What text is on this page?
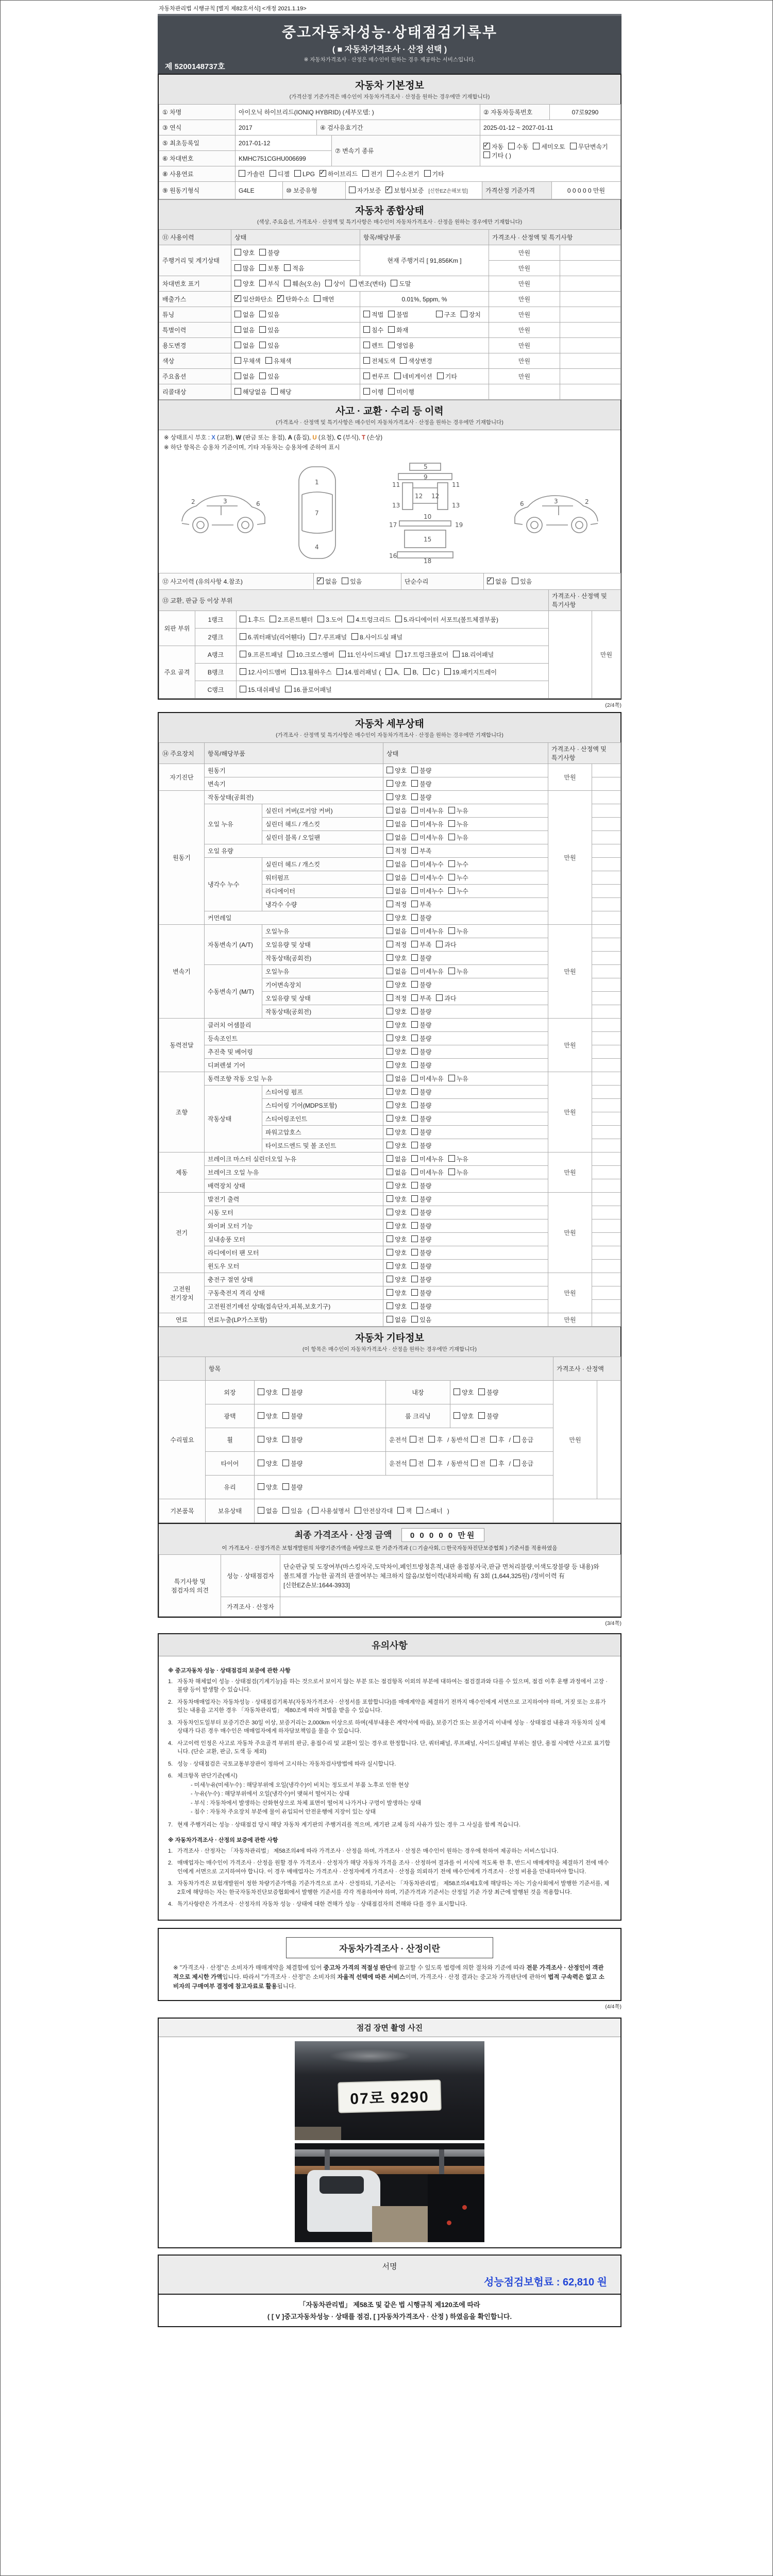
자동차관리법 시행규칙 [별지 제82호서식] <개정 2021.1.19>
중고자동차성능·상태점검기록부
( ■ 자동차가격조사 · 산정 선택 )
※ 자동차가격조사 · 산정은 매수인이 원하는 경우 제공하는 서비스입니다.
제 5200148737호
자동차 기본정보
(가격산정 기준가격은 매수인이 자동차가격조사 · 산정을 원하는 경우에만 기재합니다)
① 차명	아이오닉 하이브리드(IONIQ HYBRID) (세부모델: )	② 자동차등록번호	07로9290
③ 연식	2017	④ 검사유효기간	2025-01-12 ~ 2027-01-11
⑤ 최초등록일	2017-01-12	⑦ 변속기 종류	✓자동 수동 세미오토 무단변속기기타 ( )
⑥ 차대번호	KMHC751CGHU006699		
⑧ 사용연료	가솔린 디젤 LPG ✓ 하이브리드 전기 수소전기 기타
⑨ 원동기형식	G4LE	⑩ 보증유형	자가보증 ✓ 보험사보증 [신한EZ손해보험]	가격산정 기준가격	0 0 0 0 0 만원
자동차 종합상태
(색상, 주요옵션, 가격조사 · 산정액 및 특기사항은 매수인이 자동차가격조사 · 산정을 원하는 경우에만 기재합니다)
⑪ 사용이력	상태	항목/해당부품	가격조사 · 산정액 및 특기사항	
주행거리 및 계기상태	양호 불량	현재 주행거리 [ 91,856Km ]	만원	
	많음 보통 적음		만원	
차대번호 표기	양호 부식 훼손(오손) 상이 변조(변타) 도말		만원	
배출가스	✓일산화탄소 ✓ 탄화수소 매연	0.01%, 5ppm, %	만원	
튜닝	없음 있음	적법 불법 구조 장치	만원	
특별이력	없음 있음	침수 화재	만원	
용도변경	없음 있음	렌트 영업용	만원	
색상	무채색 유채색	전체도색 색상변경	만원	
주요옵션	없음 있음	썬루프 네비게이션 기타	만원	
리콜대상	해당없음 해당	이행 미이행		
사고 · 교환 · 수리 등 이력
(가격조사 · 산정액 및 특기사항은 매수인이 자동차가격조사 · 산정을 원하는 경우에만 기재합니다)
※ 상태표시 부호 : X (교환), W (판금 또는 용접), A (흠집), U (요철), C (부식), T (손상)
※ 하단 항목은 승용차 기준이며, 기타 자동차는 승용차에 준하여 표시
2	3	6
1
7
4
5
9
11	11
13	13
12 12
10
17	19
15
16
18
2
3
6
⑫ 사고이력 (유의사항 4.참조)	✓없음 있음	단순수리	✓없음 있음
⑬ 교환, 판금 등 이상 부위			가격조사 · 산정액 및 특기사항	
외판 부위	1랭크	1.후드 2.프론트휀더 3.도어 4.트렁크리드 5.라디에이터 서포트(볼트체결부품)		만원
	2랭크	6.쿼터패널(리어휀다) 7.루프패널 8.사이드실 패널		
주요 골격	A랭크	9.프론트패널 10.크로스멤버 11.인사이드패널 17.트렁크플로어 18.리어패널		
	B랭크	12.사이드멤버 13.휠하우스 14.필러패널 ( A, B, C ) 19.패키지트레이		
	C랭크	15.대쉬패널 16.플로어패널		
(2/4쪽)
자동차 세부상태
(가격조사 · 산정액 및 특기사항은 매수인이 자동차가격조사 · 산정을 원하는 경우에만 기재합니다)
⑭ 주요장치	항목/해당부품	상태	가격조사 · 산정액 및 특기사항
자기진단	원동기		양호 불량	만원	
	변속기		양호 불량		
원동기	작동상태(공회전)		양호 불량	만원	
	오일 누유	실린더 커버(로커암 커버)	없음 미세누유 누유		
		실린더 헤드 / 개스킷	없음 미세누유 누유		
		실린더 블록 / 오일팬	없음 미세누유 누유		
	오일 유량		적정 부족		
	냉각수 누수	실린더 헤드 / 개스킷	없음 미세누수 누수		
		워터펌프	없음 미세누수 누수		
		라디에이터	없음 미세누수 누수		
		냉각수 수량	적정 부족		
	커먼레일		양호 불량		
변속기	자동변속기 (A/T)	오일누유	없음 미세누유 누유	만원	
		오일유량 및 상태	적정 부족 과다		
		작동상태(공회전)	양호 불량		
	수동변속기 (M/T)	오일누유	없음 미세누유 누유		
		기어변속장치	양호 불량		
		오일유량 및 상태	적정 부족 과다		
		작동상태(공회전)	양호 불량		
동력전달	클러치 어셈블리		양호 불량	만원	
	등속조인트		양호 불량		
	추진축 및 베어링		양호 불량		
	디퍼렌셜 기어		양호 불량		
조향	동력조향 작동 오일 누유		없음 미세누유 누유	만원	
	작동상태	스티어링 펌프	양호 불량		
		스티어링 기어(MDPS포함)	양호 불량		
		스티어링조인트	양호 불량		
		파워고압호스	양호 불량		
		타이로드엔드 및 볼 조인트	양호 불량		
제동	브레이크 마스터 실린더오일 누유		없음 미세누유 누유	만원	
	브레이크 오일 누유		없음 미세누유 누유		
	배력장치 상태		양호 불량		
전기	발전기 출력		양호 불량	만원	
	시동 모터		양호 불량		
	와이퍼 모터 기능		양호 불량		
	실내송풍 모터		양호 불량		
	라디에이터 팬 모터		양호 불량		
	윈도우 모터		양호 불량		
고전원 전기장치	충전구 절연 상태		양호 불량	만원	
	구동축전지 격리 상태		양호 불량		
	고전원전기배선 상태(접속단자,피복,보호기구)		양호 불량		
연료	연료누출(LP가스포함)		없음 있음	만원	
자동차 기타정보
(이 항목은 매수인이 자동차가격조사 · 산정을 원하는 경우에만 기재합니다)
	항목				가격조사 · 산정액	
수리필요	외장	양호 불량	내장	양호 불량	만원	
	광택	양호 불량	룸 크리닝	양호 불량		
	휠	양호 불량	운전석 전 후 / 동반석 전 후 / 응급			
	타이어	양호 불량	운전석 전 후 / 동반석 전 후 / 응급			
	유리	양호 불량				
기본품목	보유상태	없음 있음 ( 사용설명서 안전삼각대 잭 스패너 )				
최종 가격조사 · 산정 금액 0 0 0 0 0 만원
이 가격조사 · 산정가격은 보험개발원의 차량기준가액을 바탕으로 한 기준가격과 ( □ 기술사회, □ 한국자동차진단보증협회 ) 기준서를 적용하였음
특기사항 및 점검자의 의견	성능 · 상태점검자	단순판금 및 도장여부(마스킹자국,도막차이,페인트방청흔적,내판 용접봉자국,판금 면처리불량,이색도장불량 등 내용)와 볼트체결 가능한 골격의 판결여부는 체크하지 않음/보험이력(내차피해) 有 3회 (1,644,325원) /정비이력 有 [신한EZ손보:1644-3933]
	가격조사 · 산정자	
(3/4쪽)
유의사항
※ 중고자동차 성능 · 상태점검의 보증에 관한 사항
1. 자동차 해체없이 성능 · 상태점검(기계기능)을 하는 것으로서 보이지 않는 부분 또는 점검항목 이외의 부분에 대하여는 점검결과와 다를 수 있으며, 점검 이후 운행 과정에서 고장 · 불량 등이 발생할 수 있습니다.
2. 자동차매매업자는 자동차성능 · 상태점검기록부(자동차가격조사 · 산정서를 포함합니다)를 매매계약을 체결하기 전까지 매수인에게 서면으로 고지하여야 하며, 거짓 또는 오류가 있는 내용을 고지한 경우 「자동차관리법」 제80조에 따라 처벌을 받을 수 있습니다.
3. 자동차인도일부터 보증기간은 30일 이상, 보증거리는 2,000km 이상으로 하며(세부내용은 계약서에 따름), 보증기간 또는 보증거리 이내에 성능 · 상태점검 내용과 자동차의 실제 상태가 다른 경우 매수인은 매매업자에게 하자담보책임을 물을 수 있습니다.
4. 사고이력 인정은 사고로 자동차 주요골격 부위의 판금, 용접수리 및 교환이 있는 경우로 한정합니다. 단, 쿼터패널, 루프패널, 사이드실패널 부위는 절단, 용접 시에만 사고로 표기합니다. (단순 교환, 판금, 도색 등 제외)
5. 성능 · 상태점검은 국토교통부장관이 정하여 고시하는 자동차검사방법에 따라 실시합니다.
6. 체크항목 판단기준(예시)
- 미세누유(미세누수) : 해당부위에 오일(냉각수)이 비치는 정도로서 부품 노후로 인한 현상
- 누유(누수) : 해당부위에서 오일(냉각수)이 맺혀서 떨어지는 상태
- 부식 : 자동차에서 발생하는 산화현상으로 차체 표면이 떨어져 나가거나 구멍이 발생하는 상태
- 침수 : 자동차 주요장치 부분에 물이 유입되어 안전운행에 지장이 있는 상태
7. 현재 주행거리는 성능 · 상태점검 당시 해당 자동차 계기판의 주행거리를 적으며, 계기판 교체 등의 사유가 있는 경우 그 사실을 함께 적습니다.
※ 자동차가격조사 · 산정의 보증에 관한 사항
1. 가격조사 · 산정자는 「자동차관리법」 제58조의4에 따라 가격조사 · 산정을 하며, 가격조사 · 산정은 매수인이 원하는 경우에 한하여 제공하는 서비스입니다.
2. 매매업자는 매수인이 가격조사 · 산정을 원할 경우 가격조사 · 산정자가 해당 자동차 가격을 조사 · 산정하여 결과를 이 서식에 적도록 한 후, 반드시 매매계약을 체결하기 전에 매수인에게 서면으로 고지하여야 합니다. 이 경우 매매업자는 가격조사 · 산정자에게 가격조사 · 산정을 의뢰하기 전에 매수인에게 가격조사 · 산정 비용을 안내하여야 합니다.
3. 자동차가격은 보험개발원이 정한 차량기준가액을 기준가격으로 조사 · 산정하되, 기준서는 「자동차관리법」 제58조의4제1호에 해당하는 자는 기술사회에서 발행한 기준서를, 제2호에 해당하는 자는 한국자동차진단보증협회에서 발행한 기준서를 각각 적용하여야 하며, 기준가격과 기준서는 산정일 기준 가장 최근에 발행된 것을 적용합니다.
4. 특기사항란은 가격조사 · 산정자의 자동차 성능 · 상태에 대한 견해가 성능 · 상태점검자의 견해와 다를 경우 표시합니다.
자동차가격조사 · 산정이란
※ "가격조사 · 산정"은 소비자가 매매계약을 체결함에 있어 중고차 가격의 적절성 판단에 참고할 수 있도록 법령에 의한 절차와 기준에 따라 전문 가격조사 · 산정인이 객관적으로 제시한 가액입니다. 따라서 "가격조사 · 산정"은 소비자의 자율적 선택에 따른 서비스이며, 가격조사 · 산정 결과는 중고차 가격판단에 관하여 법적 구속력은 없고 소비자의 구매여부 결정에 참고자료로 활용됩니다.
(4/4쪽)
점검 장면 촬영 사진
07로 9290
서명
성능점검보험료 : 62,810 원
「자동차관리법」 제58조 및 같은 법 시행규칙 제120조에 따라
( [ V ]중고자동차성능 · 상태를 점검, [ ]자동차가격조사 · 산정 ) 하였음을 확인합니다.
